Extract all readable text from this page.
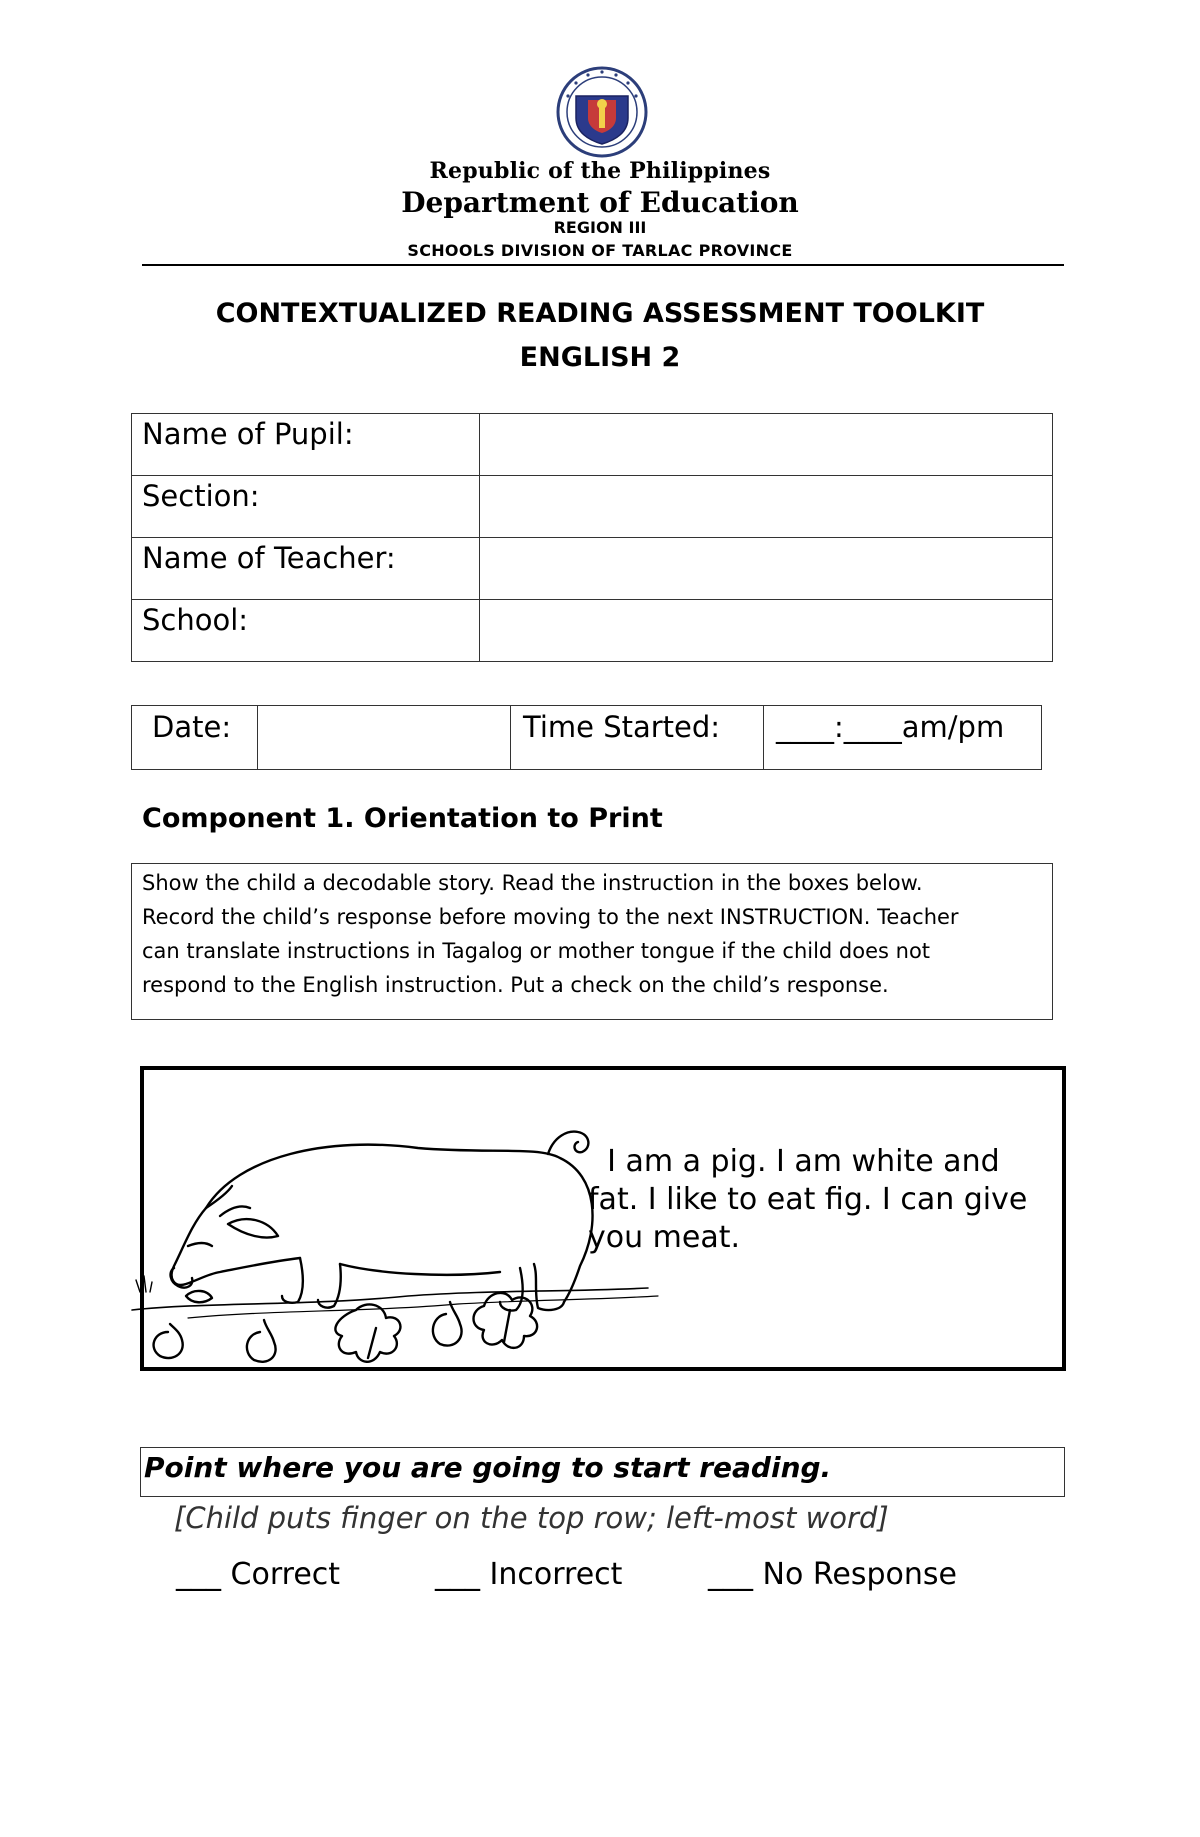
Republic of the Philippines
Department of Education
REGION III
SCHOOLS DIVISION OF TARLAC PROVINCE
CONTEXTUALIZED READING ASSESSMENT TOOLKIT
ENGLISH 2
Name of Pupil:	
Section:	
Name of Teacher:	
School:	
Date:		Time Started:	____:____am/pm
Component 1. Orientation to Print
Show the child a decodable story. Read the instruction in the boxes below.
Record the child’s response before moving to the next INSTRUCTION. Teacher
can translate instructions in Tagalog or mother tongue if the child does not
respond to the English instruction. Put a check on the child’s response.
I am a pig. I am white and
fat. I like to eat fig. I can give
you meat.
Point where you are going to start reading.
[Child puts finger on the top row; left-most word]
___ Correct	___ Incorrect	___ No Response
